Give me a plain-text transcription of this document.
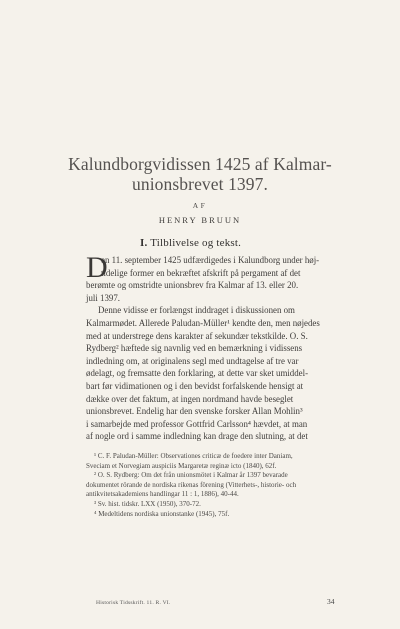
Kalundborgvidissen 1425 af Kalmar-
unionsbrevet 1397.
AF
HENRY BRUUN
I. Tilblivelse og tekst.
D
en 11. september 1425 udfærdigedes i Kalundborg under høj-
tidelige former en bekræftet afskrift på pergament af det
berømte og omstridte unionsbrev fra Kalmar af 13. eller 20.
juli 1397.
Denne vidisse er forlængst inddraget i diskussionen om
Kalmarmødet. Allerede Paludan-Müller¹ kendte den, men nøjedes
med at understrege dens karakter af sekundær tekstkilde. O. S.
Rydberg² hæftede sig navnlig ved en bemærkning i vidissens
indledning om, at originalens segl med undtagelse af tre var
ødelagt, og fremsatte den forklaring, at dette var sket umiddel-
bart før vidimationen og i den bevidst forfalskende hensigt at
dække over det faktum, at ingen nordmand havde beseglet
unionsbrevet. Endelig har den svenske forsker Allan Mohlin³
i samarbejde med professor Gottfrid Carlsson⁴ hævdet, at man
af nogle ord i samme indledning kan drage den slutning, at det
¹ C. F. Paludan-Müller: Observationes criticæ de foedere inter Daniam,
Sveciam et Norvegiam auspiciis Margaretæ reginæ icto (1840), 62f.
² O. S. Rydberg: Om det från unionsmötet i Kalmar år 1397 bevarade
dokumentet rörande de nordiska rikenas förening (Vitterhets-, historie- och
antikvitetsakademiens handlingar 11 : 1, 1886), 40-44.
³ Sv. hist. tidskr. LXX (1950), 370-72.
⁴ Medeltidens nordiska unionstanke (1945), 75f.
Historisk Tidsskrift. 11. R. VI.	34
